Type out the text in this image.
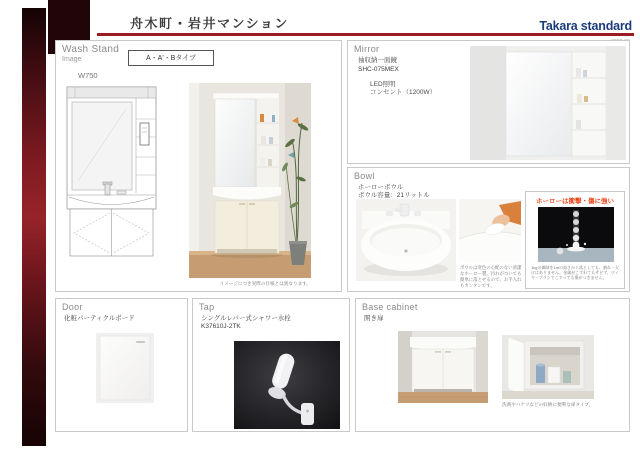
舟木町・岩井マンション	Takara standard
Wash Stand
Image	A・A'・Bタイプ
W750
イメージにつき実際の仕様とは異なります。
Mirror
袖収納一面鏡
SHC-075MEX
LED照明
コンセント（1200W）
Bowl
ホーローボウル
ボウル容量：21リットル
ボウルは変色の心配のない清潔なホーロー製。汚れがついても簡単に落とせるので、お手入れもカンタンです。
ホーローは衝撃・傷に強い
1kgの鋼球を1mの高さから落としても、割れ・欠けはありません。金属がこすれてもサビず、ワイヤーブラシでこすっても傷がつきません。
Door
化粧パーティクルボード
Tap
シングルレバー式シャワー水栓
K37610J-2TK
Base cabinet
開き扉
洗剤やバケツなどの収納に便利な扉タイプ。
